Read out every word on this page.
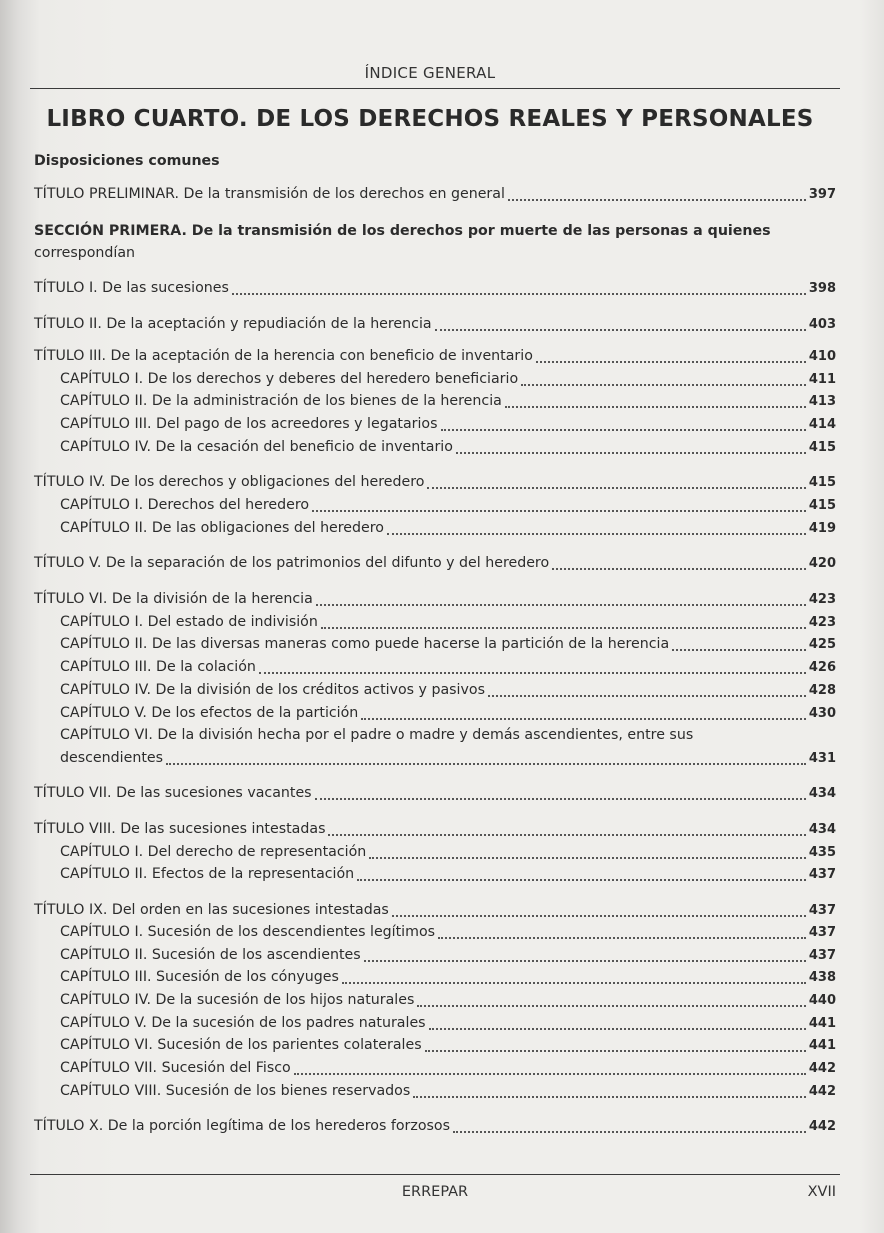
ÍNDICE GENERAL
LIBRO CUARTO. DE LOS DERECHOS REALES Y PERSONALES
Disposiciones comunes
TÍTULO PRELIMINAR. De la transmisión de los derechos en general	397
TÍTULO I. De las sucesiones	398
TÍTULO II. De la aceptación y repudiación de la herencia	403
TÍTULO III. De la aceptación de la herencia con beneficio de inventario	410
CAPÍTULO I. De los derechos y deberes del heredero beneficiario	411
CAPÍTULO II. De la administración de los bienes de la herencia	413
CAPÍTULO III. Del pago de los acreedores y legatarios	414
CAPÍTULO IV. De la cesación del beneficio de inventario	415
TÍTULO IV. De los derechos y obligaciones del heredero	415
CAPÍTULO I. Derechos del heredero	415
CAPÍTULO II. De las obligaciones del heredero	419
TÍTULO V. De la separación de los patrimonios del difunto y del heredero	420
TÍTULO VI. De la división de la herencia	423
CAPÍTULO I. Del estado de indivisión	423
CAPÍTULO II. De las diversas maneras como puede hacerse la partición de la herencia	425
CAPÍTULO III. De la colación	426
CAPÍTULO IV. De la división de los créditos activos y pasivos	428
CAPÍTULO V. De los efectos de la partición	430
CAPÍTULO VI. De la división hecha por el padre o madre y demás ascendientes, entre sus
descendientes	431
TÍTULO VII. De las sucesiones vacantes	434
TÍTULO VIII. De las sucesiones intestadas	434
CAPÍTULO I. Del derecho de representación	435
CAPÍTULO II. Efectos de la representación	437
TÍTULO IX. Del orden en las sucesiones intestadas	437
CAPÍTULO I. Sucesión de los descendientes legítimos	437
CAPÍTULO II. Sucesión de los ascendientes	437
CAPÍTULO III. Sucesión de los cónyuges	438
CAPÍTULO IV. De la sucesión de los hijos naturales	440
CAPÍTULO V. De la sucesión de los padres naturales	441
CAPÍTULO VI. Sucesión de los parientes colaterales	441
CAPÍTULO VII. Sucesión del Fisco	442
CAPÍTULO VIII. Sucesión de los bienes reservados	442
TÍTULO X. De la porción legítima de los herederos forzosos	442
SECCIÓN PRIMERA. De la transmisión de los derechos por muerte de las personas a quienes
correspondían
ERREPAR	XVII
